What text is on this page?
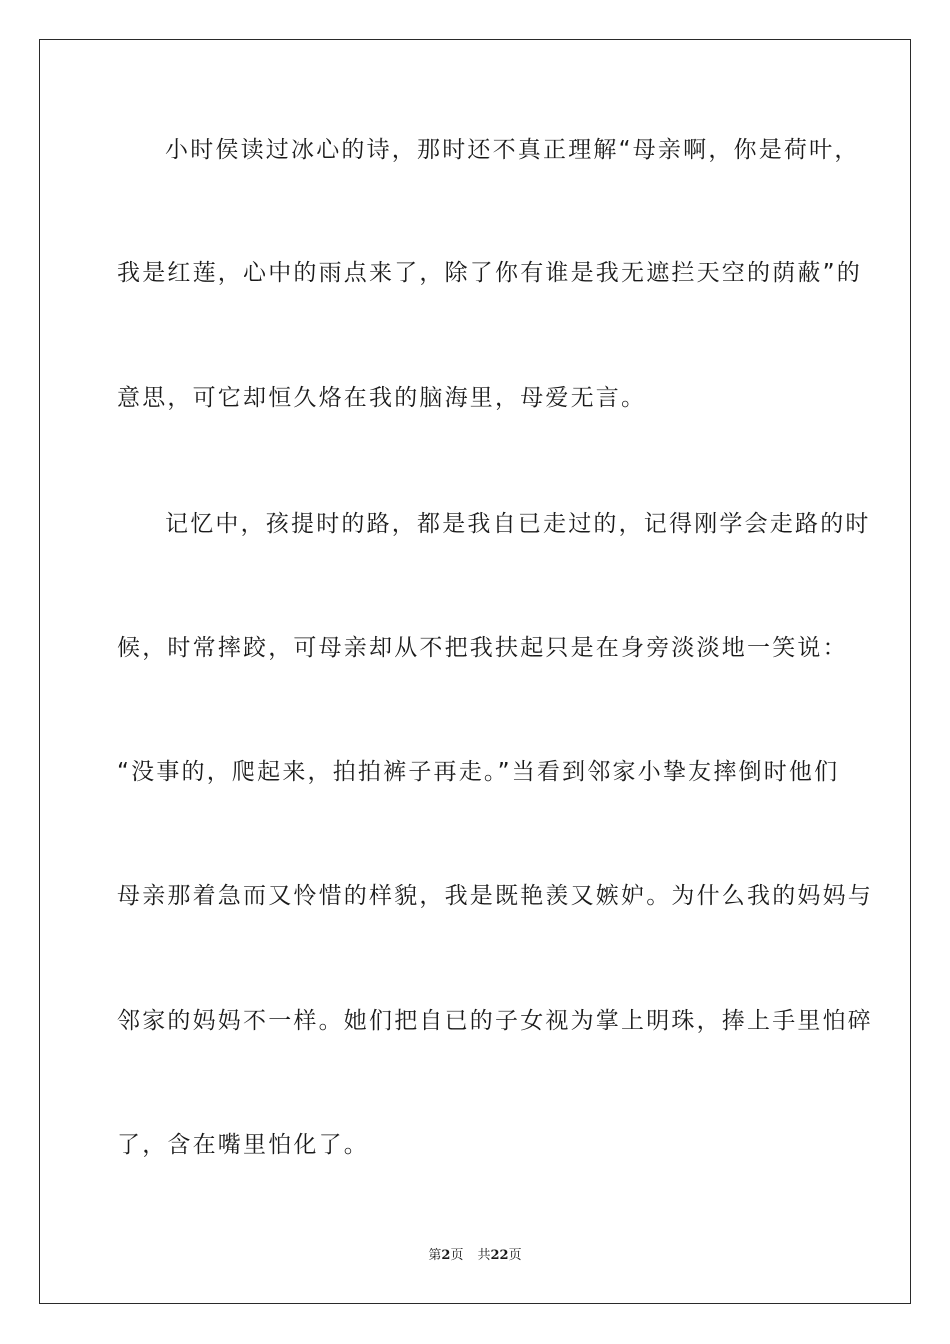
小时侯读过冰心的诗，那时还不真正理解“母亲啊，你是荷叶，
我是红莲，心中的雨点来了，除了你有谁是我无遮拦天空的荫蔽”的
意思，可它却恒久烙在我的脑海里，母爱无言。
记忆中，孩提时的路，都是我自已走过的，记得刚学会走路的时
候，时常摔跤，可母亲却从不把我扶起只是在身旁淡淡地一笑说：
“没事的，爬起来，拍拍裤子再走。”当看到邻家小挚友摔倒时他们
母亲那着急而又怜惜的样貌，我是既艳羡又嫉妒。为什么我的妈妈与
邻家的妈妈不一样。她们把自已的子女视为掌上明珠，捧上手里怕碎
了，含在嘴里怕化了。
第2页 共22页
